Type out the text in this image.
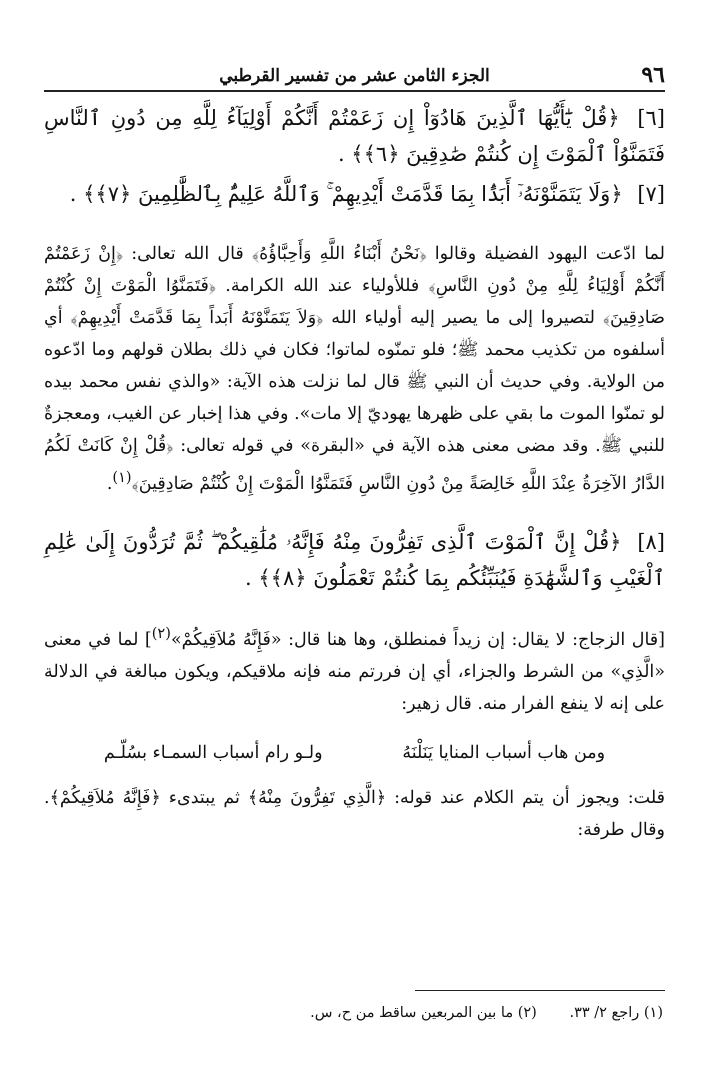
٩٦
الجزء الثامن عشر من تفسير القرطبي

[٦] ﴿قُلْ يَٰٓأَيُّهَا ٱلَّذِينَ هَادُوٓاْ إِن زَعَمْتُمْ أَنَّكُمْ أَوْلِيَآءُ لِلَّهِ مِن دُونِ ٱلنَّاسِ فَتَمَنَّوُاْ ٱلْمَوْتَ إِن كُنتُمْ صَٰدِقِينَ ﴿٦﴾﴾ .

[٧] ﴿وَلَا يَتَمَنَّوْنَهُۥٓ أَبَدًۢا بِمَا قَدَّمَتْ أَيْدِيهِمْ ۚ وَٱللَّهُ عَلِيمٌۢ بِٱلظَّٰلِمِينَ ﴿٧﴾﴾ .

لما ادّعت اليهود الفضيلة وقالوا ﴿نَحْنُ أَبْنَاءُ اللَّهِ وَأَحِبَّاؤُهُ﴾ قال الله تعالى: ﴿إِنْ زَعَمْتُمْ أَنَّكُمْ أَوْلِيَاءُ لِلَّهِ مِنْ دُونِ النَّاسِ﴾ فللأولياء عند الله الكرامة. ﴿فَتَمَنَّوُا الْمَوْتَ إِنْ كُنْتُمْ صَادِقِينَ﴾ لتصيروا إلى ما يصير إليه أولياء الله ﴿وَلاَ يَتَمَنَّوْنَهُ أَبَداً بِمَا قَدَّمَتْ أَيْدِيهِمْ﴾ أي أسلفوه من تكذيب محمد ﷺ؛ فلو تمنّوه لماتوا؛ فكان في ذلك بطلان قولهم وما ادّعوه من الولاية. وفي حديث أن النبي ﷺ قال لما نزلت هذه الآية: «والذي نفس محمد بيده لو تمنّوا الموت ما بقي على ظهرها يهوديّ إلا مات». وفي هذا إخبار عن الغيب، ومعجزةٌ للنبي ﷺ. وقد مضى معنى هذه الآية في «البقرة» في قوله تعالى: ﴿قُلْ إِنْ كَانَتْ لَكُمُ الدَّارُ الآخِرَةُ عِنْدَ اللَّهِ خَالِصَةً مِنْ دُونِ النَّاسِ فَتَمَنَّوُا الْمَوْتَ إِنْ كُنْتُمْ صَادِقِينَ﴾$^{(١)}$.

[٨] ﴿قُلْ إِنَّ ٱلْمَوْتَ ٱلَّذِى تَفِرُّونَ مِنْهُ فَإِنَّهُۥ مُلَٰقِيكُمْ ۖ ثُمَّ تُرَدُّونَ إِلَىٰ عَٰلِمِ ٱلْغَيْبِ وَٱلشَّهَٰدَةِ فَيُنَبِّئُكُم بِمَا كُنتُمْ تَعْمَلُونَ ﴿٨﴾﴾ .

[قال الزجاج: لا يقال: إن زيداً فمنطلق، وها هنا قال: «فَإِنَّهُ مُلاَقِيكُمْ»$^{(٢)}$] لما في معنى «الَّذِي» من الشرط والجزاء، أي إن فررتم منه فإنه ملاقيكم، ويكون مبالغة في الدلالة على إنه لا ينفع الفرار منه. قال زهير:

ومن هاب أسباب المنايا يَنَلْنَهُ
ولـو رام أسباب السمـاء بسُلّـم

قلت: ويجوز أن يتم الكلام عند قوله: ﴿الَّذِي تَفِرُّونَ مِنْهُ﴾ ثم يبتدىء ﴿فَإِنَّهُ مُلاَقِيكُمْ﴾. وقال طرفة:

(١) راجع ٢/ ٣٣. (٢) ما بين المربعين ساقط من ح، س.
